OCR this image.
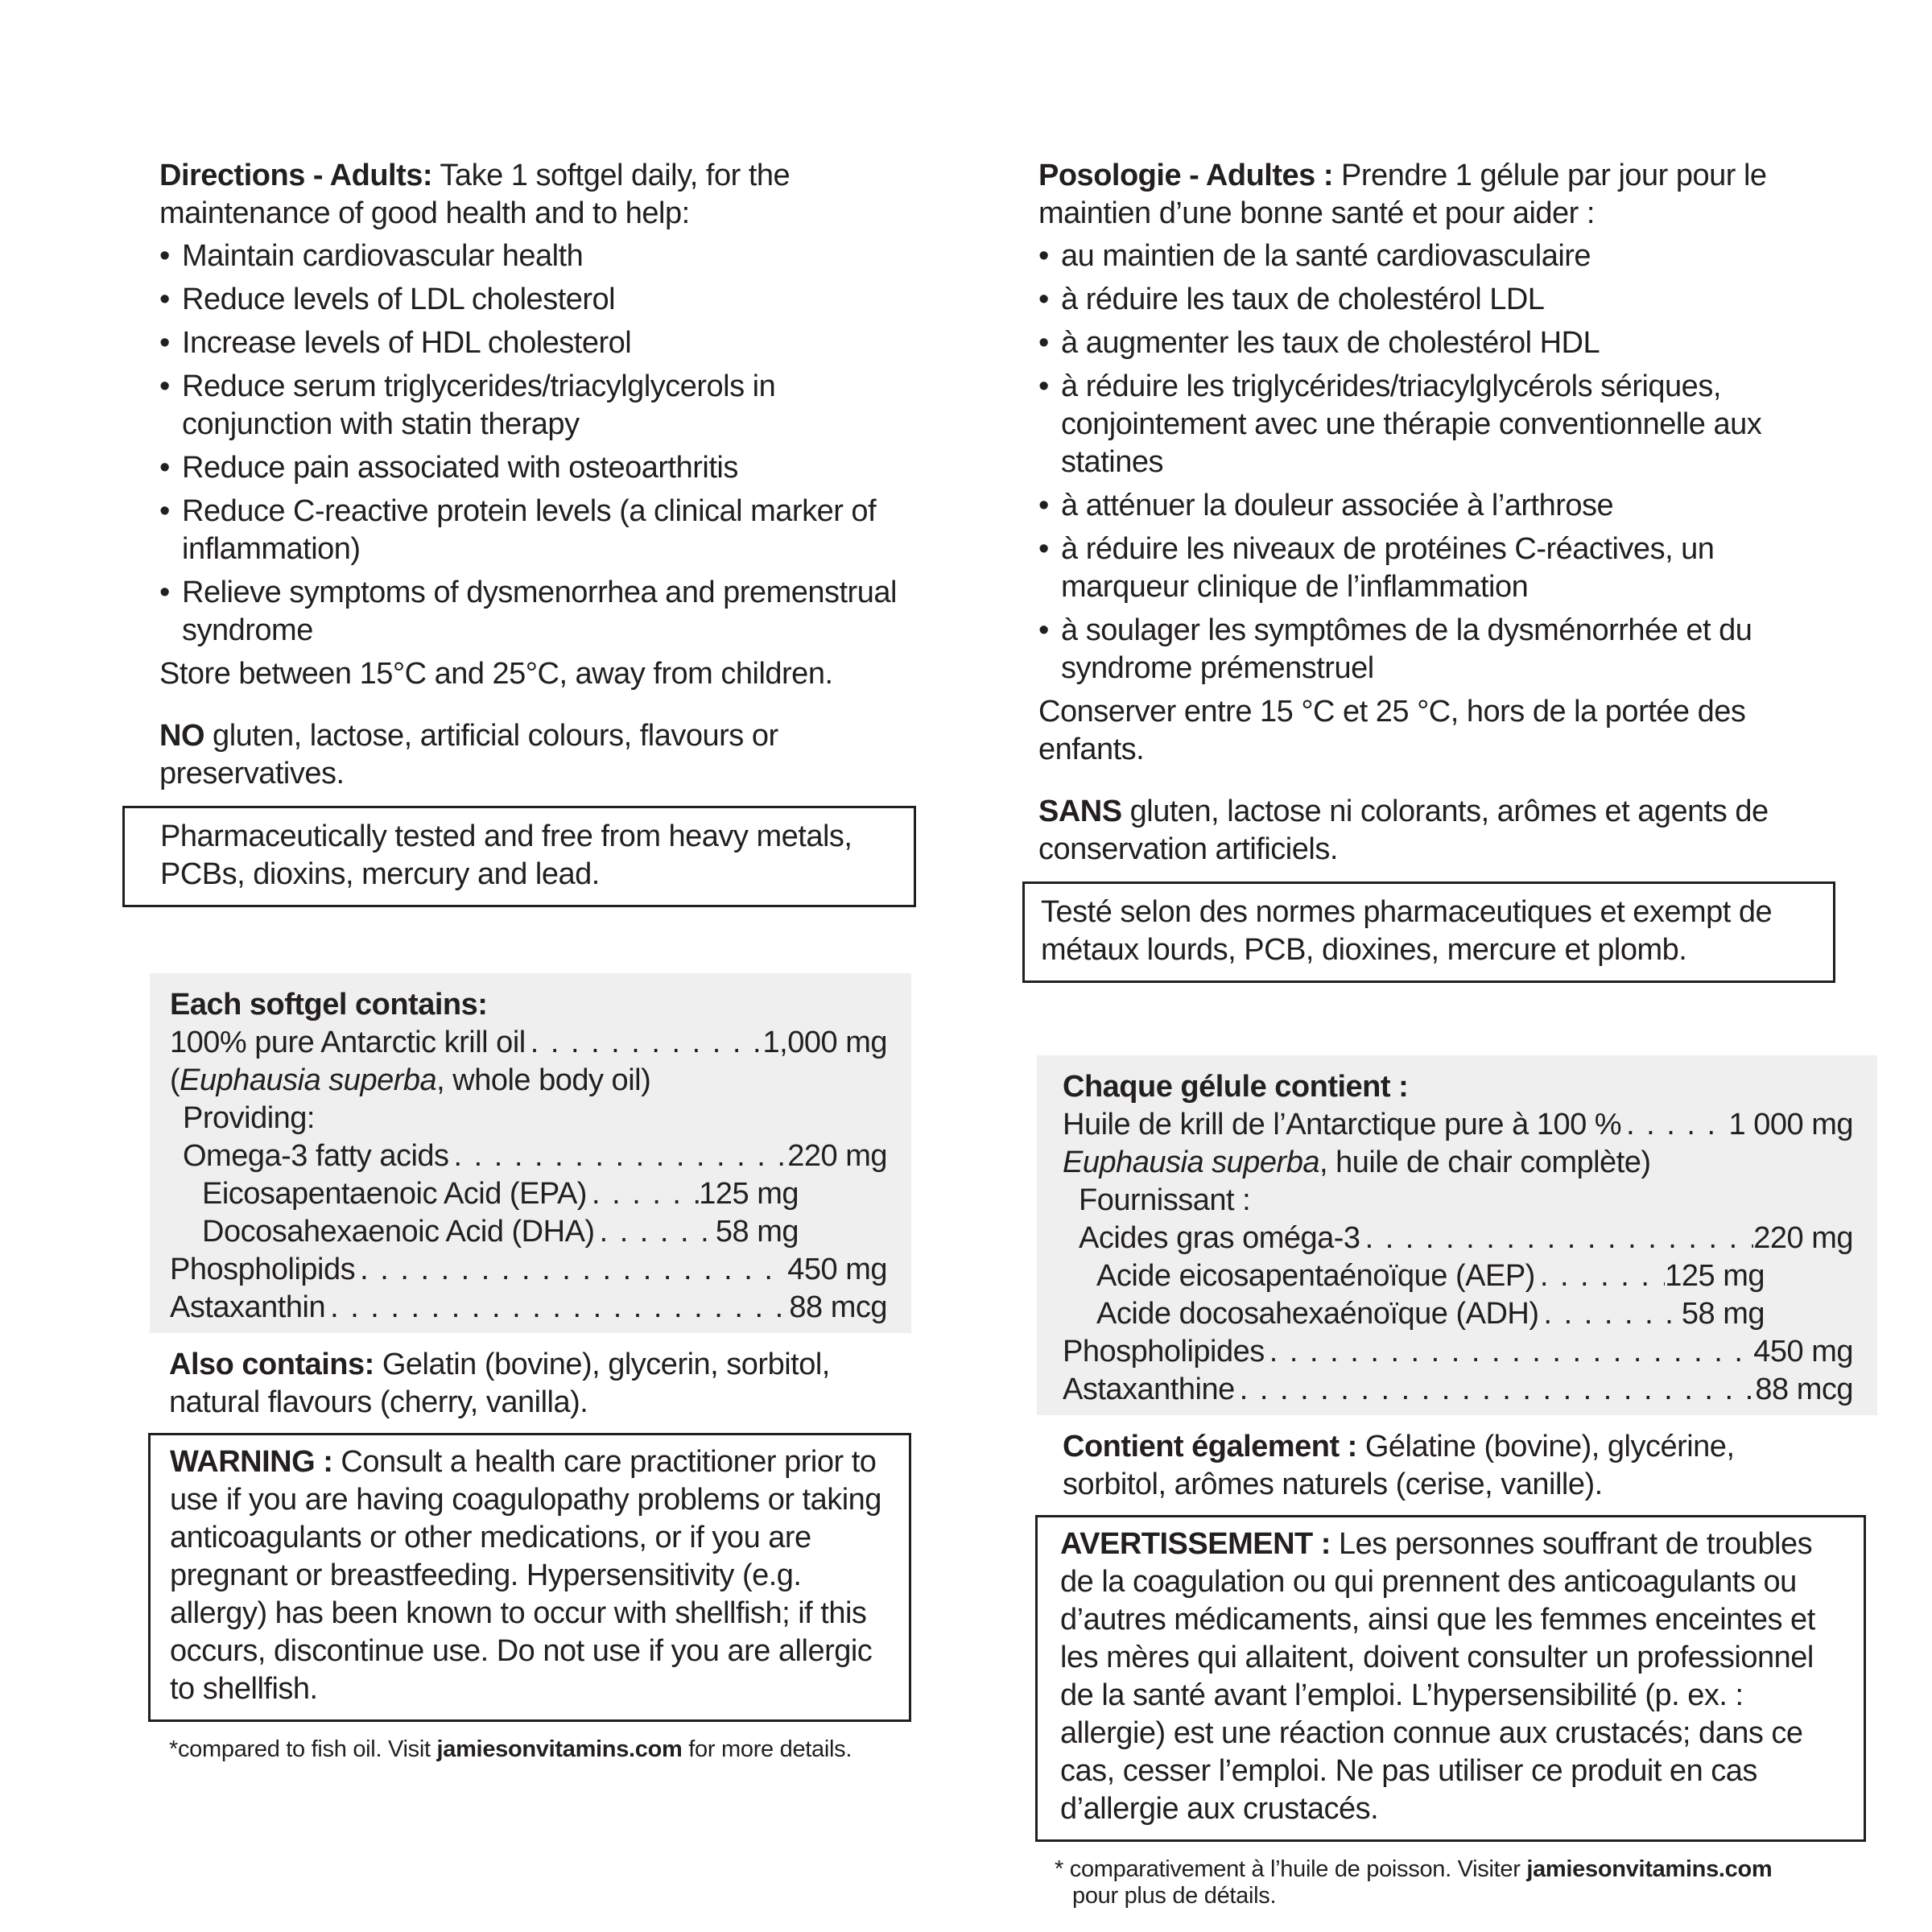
Directions - Adults: Take 1 softgel daily, for the maintenance of good health and to help:

• Maintain cardiovascular health
• Reduce levels of LDL cholesterol
• Increase levels of HDL cholesterol
• Reduce serum triglycerides/triacylglycerols in conjunction with statin therapy
• Reduce pain associated with osteoarthritis
• Reduce C-reactive protein levels (a clinical marker of inflammation)
• Relieve symptoms of dysmenorrhea and premenstrual syndrome

Store between 15°C and 25°C, away from children.

NO gluten, lactose, artificial colours, flavours or preservatives.

Pharmaceutically tested and free from heavy metals, PCBs, dioxins, mercury and lead.
Each softgel contains:
100% pure Antarctic krill oil . . .	1,000 mg
(Euphausia superba, whole body oil)
Providing:
Omega-3 fatty acids . . .	220 mg
Eicosapentaenoic Acid (EPA) . . .	125 mg
Docosahexaenoic Acid (DHA) . . .	58 mg
Phospholipids . . .	450 mg
Astaxanthin . . .	88 mcg

Also contains: Gelatin (bovine), glycerin, sorbitol, natural flavours (cherry, vanilla).

WARNING : Consult a health care practitioner prior to use if you are having coagulopathy problems or taking anticoagulants or other medications, or if you are pregnant or breastfeeding. Hypersensitivity (e.g. allergy) has been known to occur with shellfish; if this occurs, discontinue use. Do not use if you are allergic to shellfish.
*compared to fish oil. Visit jamiesonvitamins.com for more details.

Posologie - Adultes : Prendre 1 gélule par jour pour le maintien d’une bonne santé et pour aider :

• au maintien de la santé cardiovasculaire
• à réduire les taux de cholestérol LDL
• à augmenter les taux de cholestérol HDL
• à réduire les triglycérides/triacylglycérols sériques, conjointement avec une thérapie conventionnelle aux statines
• à atténuer la douleur associée à l’arthrose
• à réduire les niveaux de protéines C-réactives, un marqueur clinique de l’inflammation
• à soulager les symptômes de la dysménorrhée et du syndrome prémenstruel

Conserver entre 15 °C et 25 °C, hors de la portée des enfants.

SANS gluten, lactose ni colorants, arômes et agents de conservation artificiels.

Testé selon des normes pharmaceutiques et exempt de métaux lourds, PCB, dioxines, mercure et plomb.
Chaque gélule contient :
Huile de krill de l’Antarctique pure à 100 % . . .	1 000 mg
Euphausia superba, huile de chair complète)
Fournissant :
Acides gras oméga-3 . . .	220 mg
Acide eicosapentaénoïque (AEP) . . .	125 mg
Acide docosahexaénoïque (ADH) . . .	58 mg
Phospholipides . . .	450 mg
Astaxanthine . . .	88 mcg

Contient également : Gélatine (bovine), glycérine, sorbitol, arômes naturels (cerise, vanille).

AVERTISSEMENT : Les personnes souffrant de troubles de la coagulation ou qui prennent des anticoagulants ou d’autres médicaments, ainsi que les femmes enceintes et les mères qui allaitent, doivent consulter un professionnel de la santé avant l’emploi. L’hypersensibilité (p. ex. : allergie) est une réaction connue aux crustacés; dans ce cas, cesser l’emploi. Ne pas utiliser ce produit en cas d’allergie aux crustacés.
* comparativement à l’huile de poisson. Visiter jamiesonvitamins.com
pour plus de détails.
